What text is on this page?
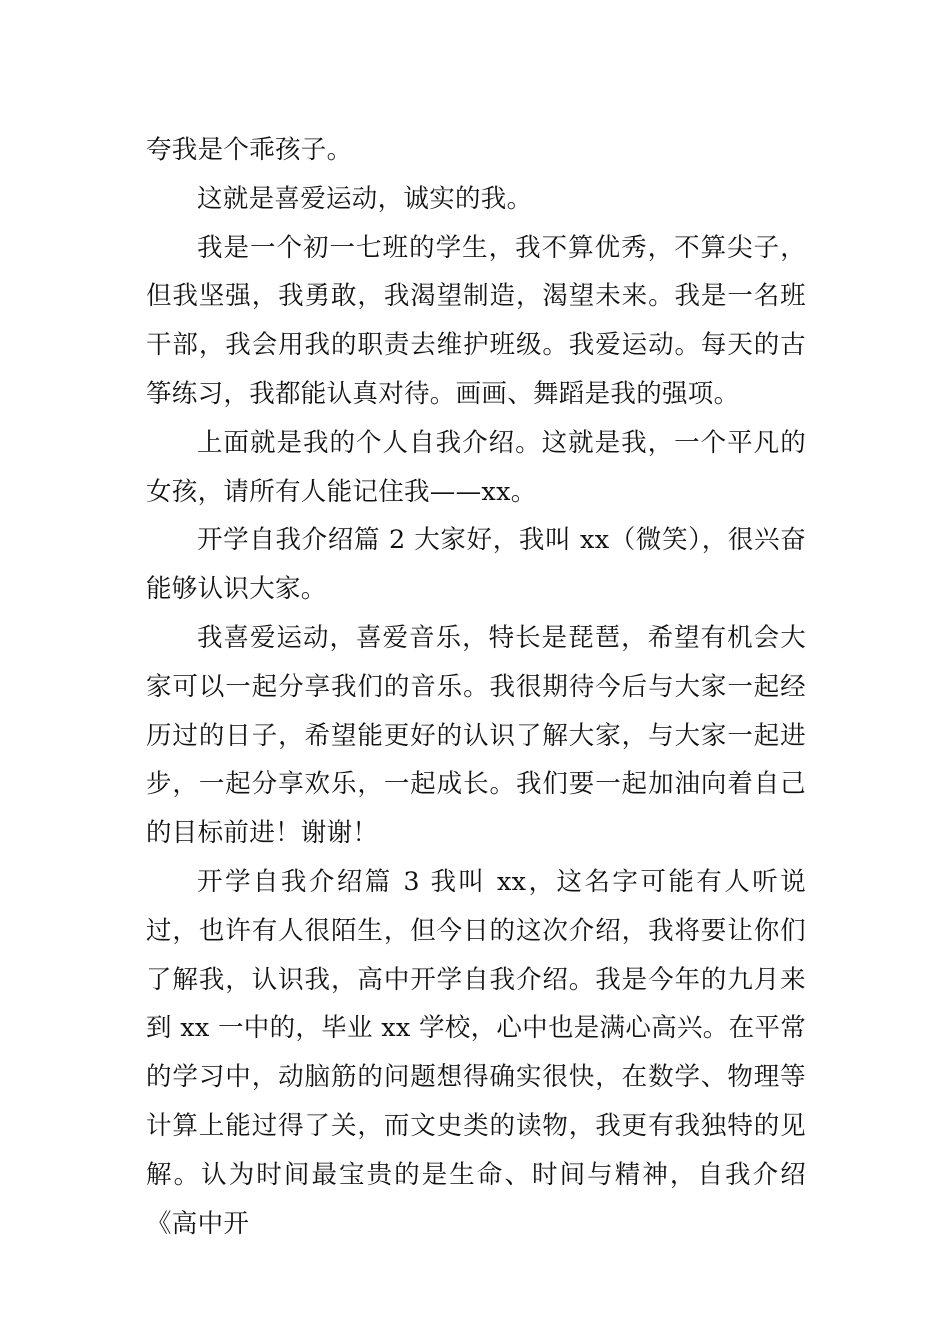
夸我是个乖孩子。

这就是喜爱运动，诚实的我。

我是一个初一七班的学生，我不算优秀，不算尖子，但我坚强，我勇敢，我渴望制造，渴望未来。我是一名班干部，我会用我的职责去维护班级。我爱运动。每天的古筝练习，我都能认真对待。画画、舞蹈是我的强项。

上面就是我的个人自我介绍。这就是我，一个平凡的女孩，请所有人能记住我——xx。

开学自我介绍篇 2 大家好，我叫 xx（微笑），很兴奋能够认识大家。

我喜爱运动，喜爱音乐，特长是琵琶，希望有机会大家可以一起分享我们的音乐。我很期待今后与大家一起经历过的日子，希望能更好的认识了解大家，与大家一起进步，一起分享欢乐，一起成长。我们要一起加油向着自己的目标前进！谢谢！

开学自我介绍篇 3 我叫 xx，这名字可能有人听说过，也许有人很陌生，但今日的这次介绍，我将要让你们了解我，认识我，高中开学自我介绍。我是今年的九月来到 xx 一中的，毕业 xx 学校，心中也是满心高兴。在平常的学习中，动脑筋的问题想得确实很快，在数学、物理等计算上能过得了关，而文史类的读物，我更有我独特的见解。认为时间最宝贵的是生命、时间与精神，自我介绍《高中开
